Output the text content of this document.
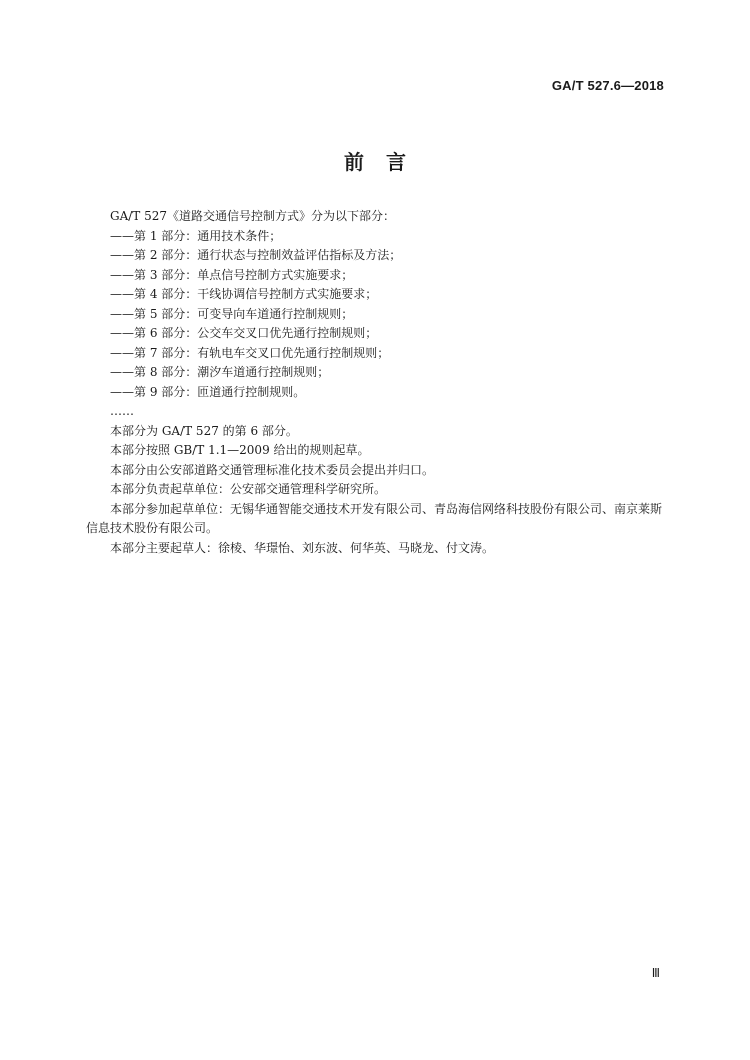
GA/T 527.6—2018
前言

GA/T 527《道路交通信号控制方式》分为以下部分：

——第 1 部分：通用技术条件；

——第 2 部分：通行状态与控制效益评估指标及方法；

——第 3 部分：单点信号控制方式实施要求；

——第 4 部分：干线协调信号控制方式实施要求；

——第 5 部分：可变导向车道通行控制规则；

——第 6 部分：公交车交叉口优先通行控制规则；

——第 7 部分：有轨电车交叉口优先通行控制规则；

——第 8 部分：潮汐车道通行控制规则；

——第 9 部分：匝道通行控制规则。

……

本部分为 GA/T 527 的第 6 部分。

本部分按照 GB/T 1.1—2009 给出的规则起草。

本部分由公安部道路交通管理标准化技术委员会提出并归口。

本部分负责起草单位：公安部交通管理科学研究所。

本部分参加起草单位：无锡华通智能交通技术开发有限公司、青岛海信网络科技股份有限公司、南京莱斯信息技术股份有限公司。

本部分主要起草人：徐棱、华璟怡、刘东波、何华英、马晓龙、付文涛。

Ⅲ
